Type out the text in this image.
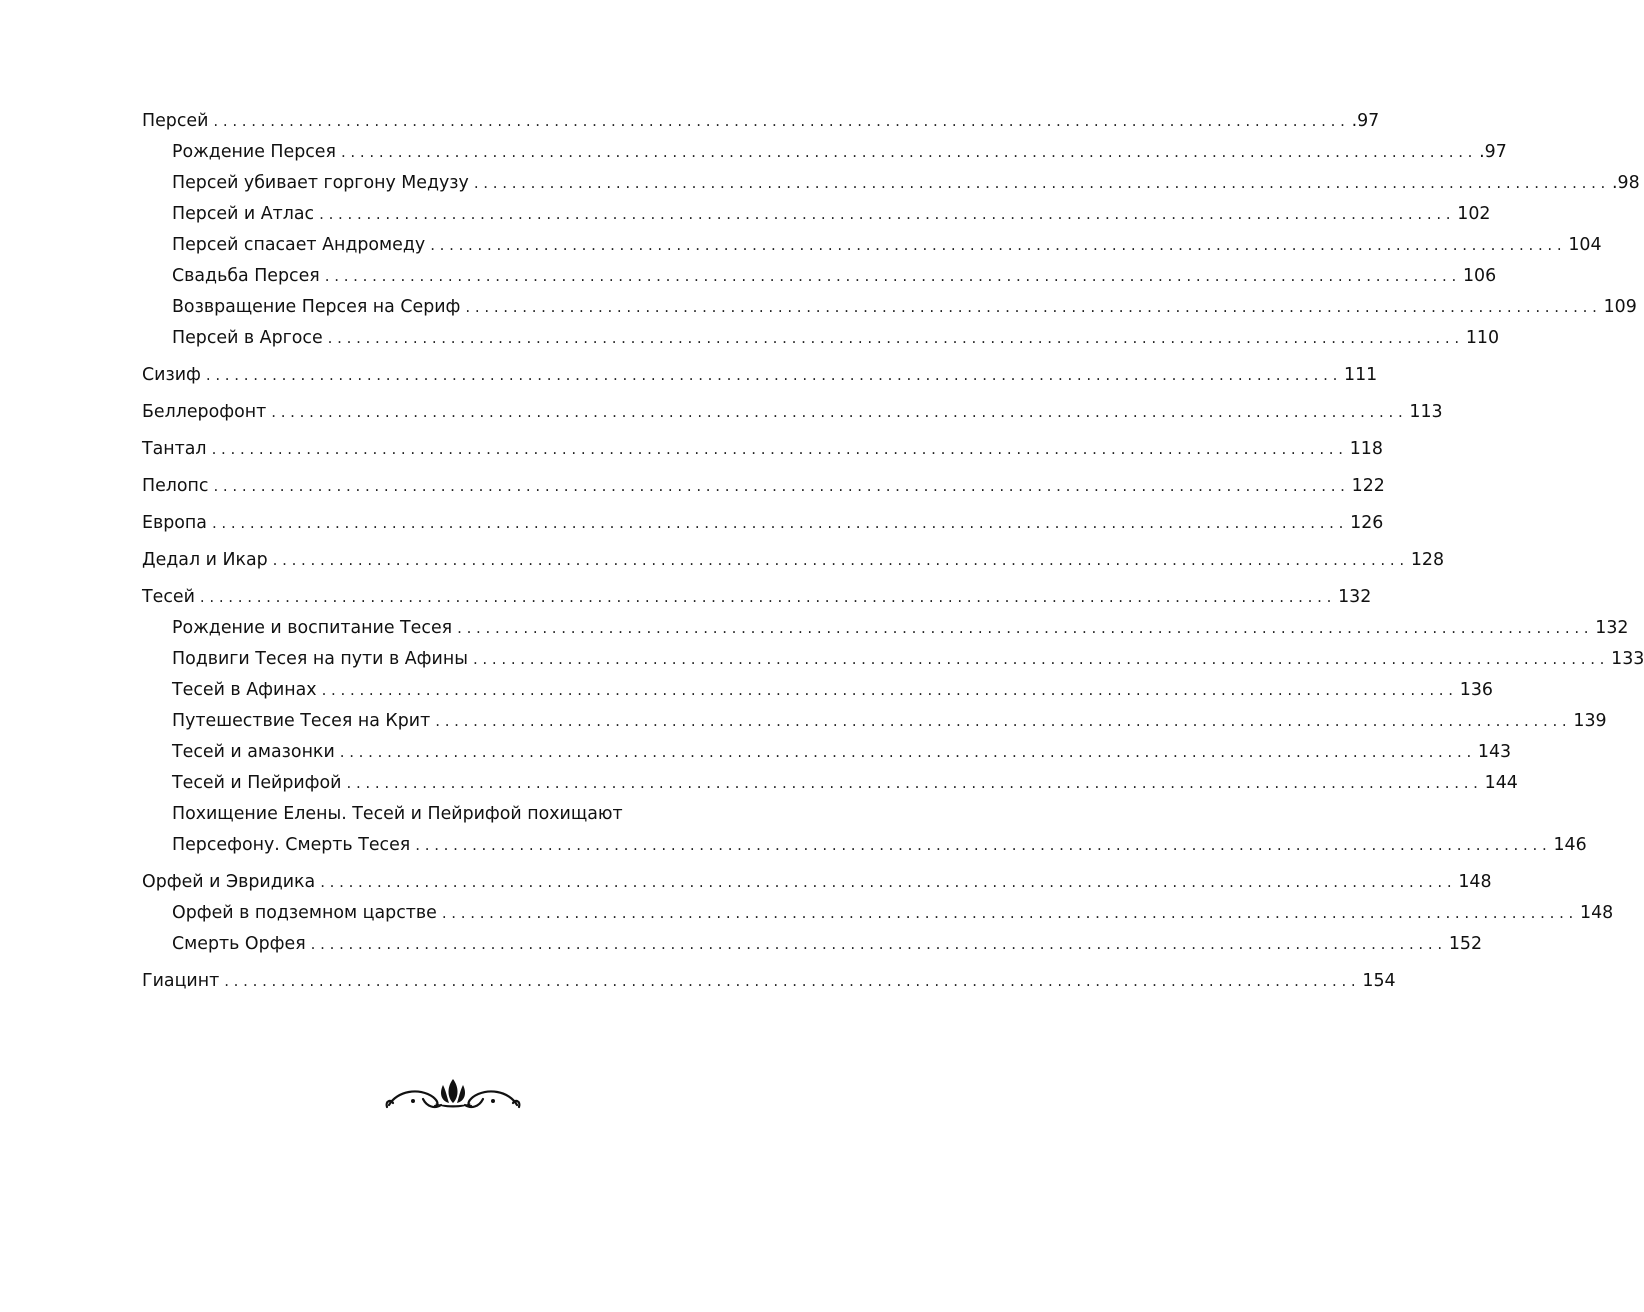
Персей ........................................................................................................................ .97
Рождение Персея ........................................................................................................................ .97
Персей убивает горгону Медузу ........................................................................................................................ .98
Персей и Атлас ........................................................................................................................ 102
Персей спасает Андромеду ........................................................................................................................ 104
Свадьба Персея ........................................................................................................................ 106
Возвращение Персея на Сериф ........................................................................................................................ 109
Персей в Аргосе ........................................................................................................................ 110
Сизиф ........................................................................................................................ 111
Беллерофонт ........................................................................................................................ 113
Тантал ........................................................................................................................ 118
Пелопс ........................................................................................................................ 122
Европа ........................................................................................................................ 126
Дедал и Икар ........................................................................................................................ 128
Тесей ........................................................................................................................ 132
Рождение и воспитание Тесея ........................................................................................................................ 132
Подвиги Тесея на пути в Афины ........................................................................................................................ 133
Тесей в Афинах ........................................................................................................................ 136
Путешествие Тесея на Крит ........................................................................................................................ 139
Тесей и амазонки ........................................................................................................................ 143
Тесей и Пейрифой ........................................................................................................................ 144
Похищение Елены. Тесей и Пейрифой похищают
Персефону. Смерть Тесея ........................................................................................................................ 146
Орфей и Эвридика ........................................................................................................................ 148
Орфей в подземном царстве ........................................................................................................................ 148
Смерть Орфея ........................................................................................................................ 152
Гиацинт ........................................................................................................................ 154
